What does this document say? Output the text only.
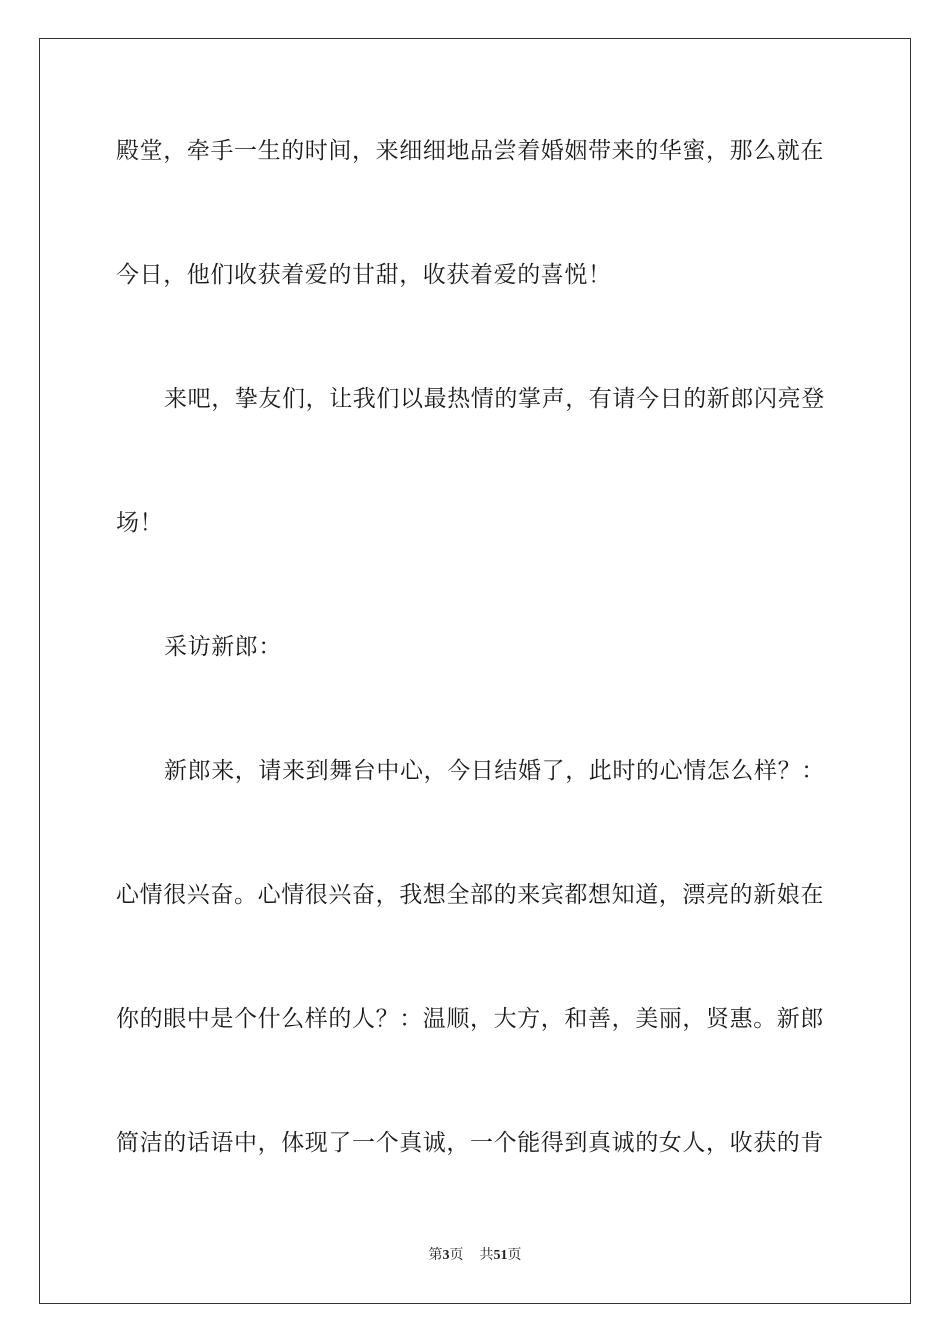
殿堂，牵手一生的时间，来细细地品尝着婚姻带来的华蜜，那么就在
今日，他们收获着爱的甘甜，收获着爱的喜悦！
来吧，挚友们，让我们以最热情的掌声，有请今日的新郎闪亮登
场！
采访新郎：
新郎来，请来到舞台中心，今日结婚了，此时的心情怎么样？：
心情很兴奋。心情很兴奋，我想全部的来宾都想知道，漂亮的新娘在
你的眼中是个什么样的人？：温顺，大方，和善，美丽，贤惠。新郎
简洁的话语中，体现了一个真诚，一个能得到真诚的女人，收获的肯
第3页 共51页
